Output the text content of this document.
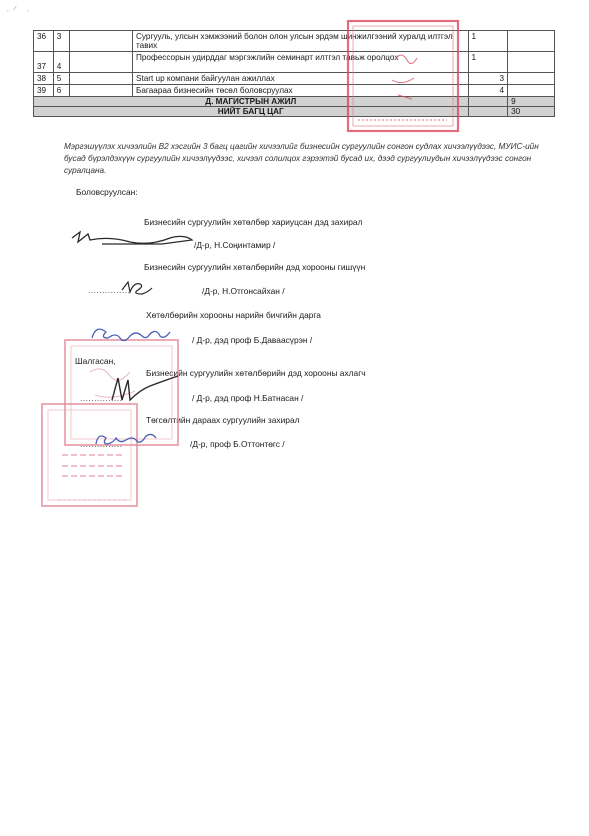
·ᐟ ·
36	3		Сургууль, улсын хэмжээний болон олон улсын эрдэм шинжилгээний хуралд илтгэл тавих	1	
37	4		Профессорын удирддаг мэргэжлийн семинарт илтгэл тавьж оролцох	1	
38	5		Start up компани байгуулан ажиллах	3	
39	6		Багаараа бизнесийн төсөл боловсруулах	4	
Д. МАГИСТРЫН АЖИЛ					9
НИЙТ БАГЦ ЦАГ					30
Мэргэшүүлэх хичээлийн B2 хэсгийн 3 багц цагийн хичээлийг бизнесийн сургуулийн сонгон судлах хичээлүүдээс, МУИС-ийн бусад бүрэлдэхүүн сургуулийн хичээлүүдээс, хичээл солилцох гэрээтэй бусад их, дээд сургуулиудын хичээлүүдээс сонгон суралцана.
Боловсруулсан:
Бизнесийн сургуулийн хөтөлбөр хариуцсан дэд захирал
/Д-р, Н.Соңинтамир /
Бизнесийн сургуулийн хөтөлбөрийн дэд хорооны гишүүн
...............	/Д-р, Н.Отгонсайхан /
Хөтөлбөрийн хорооны нарийн бичгийн дарга
/ Д-р, дэд проф Б.Даваасүрэн /
Шалгасан,
Бизнесийн сургуулийн хөтөлбөрийн дэд хорооны ахлагч
...............	/ Д-р, дэд проф Н.Батнасан /
Төгсөлтийн дараах сургуулийн захирал
...............	/Д-р, проф Б.Оттонтөгс /
